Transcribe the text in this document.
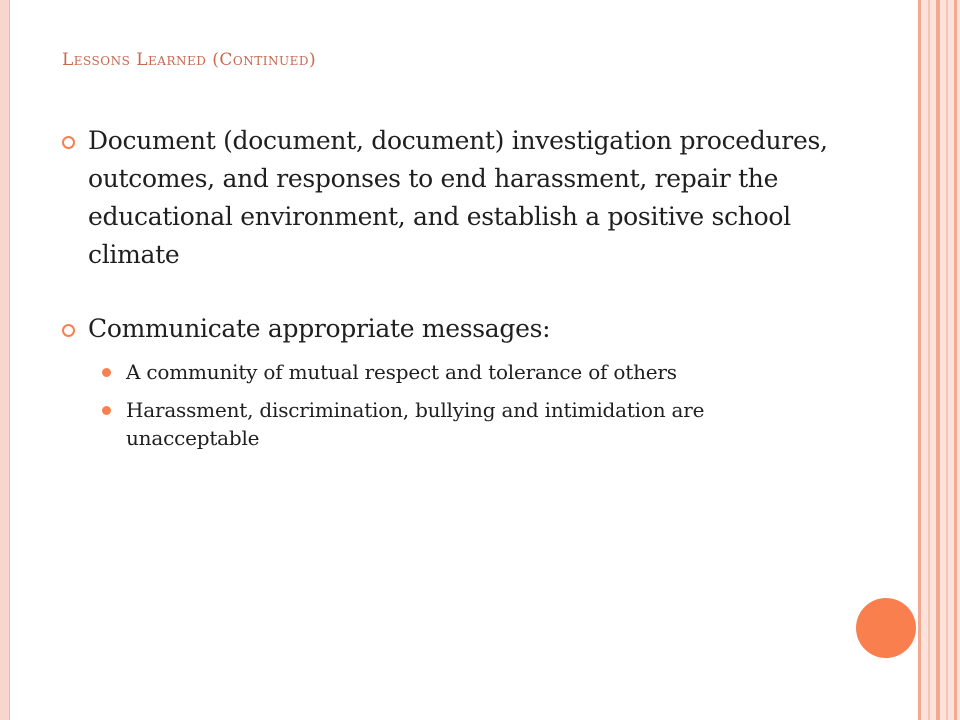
Lessons Learned (Continued)
Document (document, document) investigation procedures, outcomes, and responses to end harassment, repair the educational environment, and establish a positive school climate
Communicate appropriate messages:
A community of mutual respect and tolerance of others
Harassment, discrimination, bullying and intimidation are unacceptable
